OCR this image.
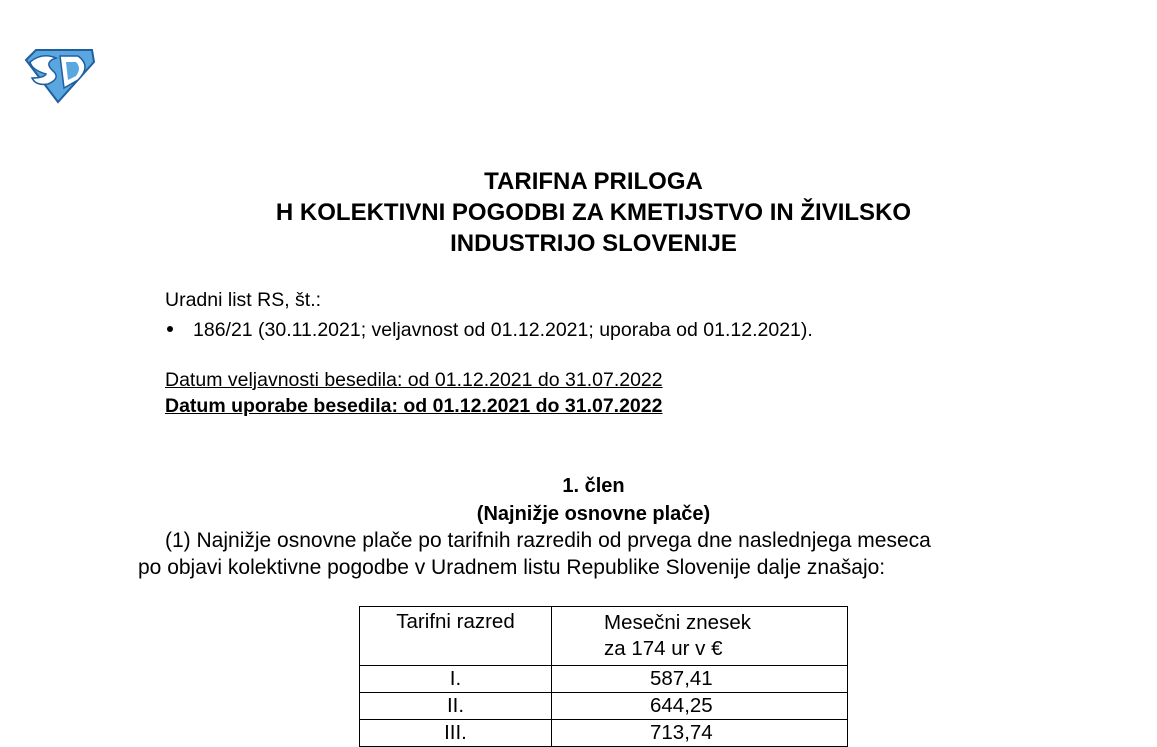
TARIFNA PRILOGA
H KOLEKTIVNI POGODBI ZA KMETIJSTVO IN ŽIVILSKO
INDUSTRIJO SLOVENIJE
Uradni list RS, št.:
186/21 (30.11.2021; veljavnost od 01.12.2021; uporaba od 01.12.2021).
Datum veljavnosti besedila: od 01.12.2021 do 31.07.2022
Datum uporabe besedila: od 01.12.2021 do 31.07.2022
1. člen
(Najnižje osnovne plače)
(1) Najnižje osnovne plače po tarifnih razredih od prvega dne naslednjega meseca
po objavi kolektivne pogodbe v Uradnem listu Republike Slovenije dalje znašajo:
Tarifni razred	Mesečni znesek
za 174 ur v €

I.	587,41
II.	644,25
III.	713,74
